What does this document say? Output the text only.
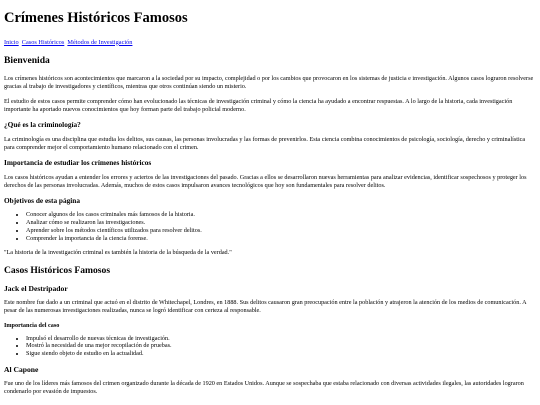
Crímenes Históricos Famosos
Inicio Casos Históricos Métodos de Investigación
Bienvenida

Los crímenes históricos son acontecimientos que marcaron a la sociedad por su impacto, complejidad o por los cambios que provocaron en los sistemas de justicia e investigación. Algunos casos lograron resolverse gracias al trabajo de investigadores y científicos, mientras que otros continúan siendo un misterio.

El estudio de estos casos permite comprender cómo han evolucionado las técnicas de investigación criminal y cómo la ciencia ha ayudado a encontrar respuestas. A lo largo de la historia, cada investigación importante ha aportado nuevos conocimientos que hoy forman parte del trabajo policial moderno.

¿Qué es la criminología?

La criminología es una disciplina que estudia los delitos, sus causas, las personas involucradas y las formas de prevenirlos. Esta ciencia combina conocimientos de psicología, sociología, derecho y criminalística para comprender mejor el comportamiento humano relacionado con el crimen.

Importancia de estudiar los crímenes históricos

Los casos históricos ayudan a entender los errores y aciertos de las investigaciones del pasado. Gracias a ellos se desarrollaron nuevas herramientas para analizar evidencias, identificar sospechosos y proteger los derechos de las personas involucradas. Además, muchos de estos casos impulsaron avances tecnológicos que hoy son fundamentales para resolver delitos.

Objetivos de esta página
• Conocer algunos de los casos criminales más famosos de la historia.
• Analizar cómo se realizaron las investigaciones.
• Aprender sobre los métodos científicos utilizados para resolver delitos.
• Comprender la importancia de la ciencia forense.

"La historia de la investigación criminal es también la historia de la búsqueda de la verdad."

Casos Históricos Famosos
Jack el Destripador

Este nombre fue dado a un criminal que actuó en el distrito de Whitechapel, Londres, en 1888. Sus delitos causaron gran preocupación entre la población y atrajeron la atención de los medios de comunicación. A pesar de las numerosas investigaciones realizadas, nunca se logró identificar con certeza al responsable.

Importancia del caso
• Impulsó el desarrollo de nuevas técnicas de investigación.
• Mostró la necesidad de una mejor recopilación de pruebas.
• Sigue siendo objeto de estudio en la actualidad.
Al Capone

Fue uno de los líderes más famosos del crimen organizado durante la década de 1920 en Estados Unidos. Aunque se sospechaba que estaba relacionado con diversas actividades ilegales, las autoridades lograron condenarlo por evasión de impuestos.
